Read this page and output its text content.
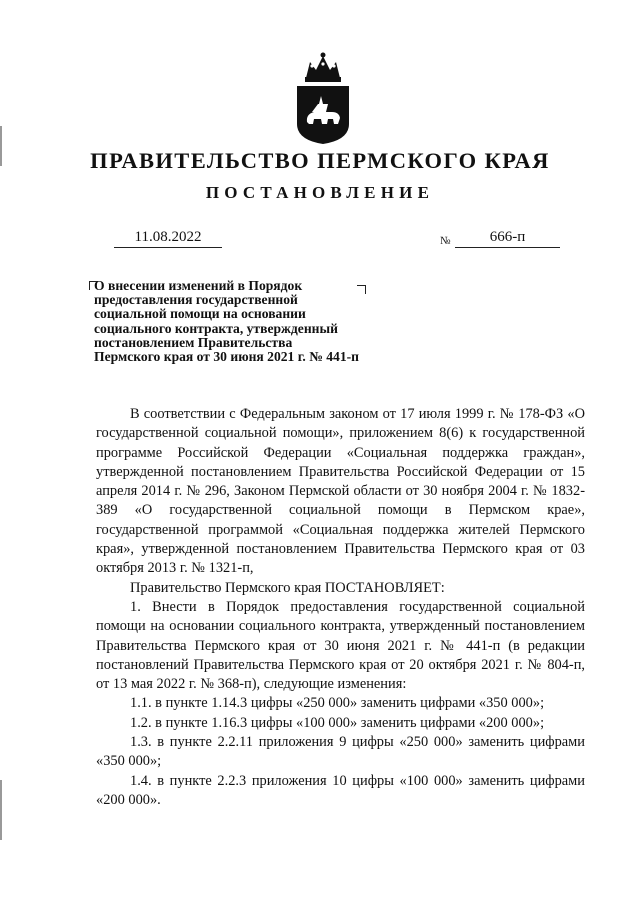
ПРАВИТЕЛЬСТВО ПЕРМСКОГО КРАЯ
ПОСТАНОВЛЕНИЕ
11.08.2022	№	666-п
О внесении изменений в Порядок
предоставления государственной
социальной помощи на основании
социального контракта, утвержденный
постановлением Правительства
Пермского края от 30 июня 2021 г. № 441-п

В соответствии с Федеральным законом от 17 июля 1999 г. № 178-ФЗ «О государственной социальной помощи», приложением 8(6) к государственной программе Российской Федерации «Социальная поддержка граждан», утвержденной постановлением Правительства Российской Федерации от 15 апреля 2014 г. № 296, Законом Пермской области от 30 ноября 2004 г. № 1832-389 «О государственной социальной помощи в Пермском крае», государственной программой «Социальная поддержка жителей Пермского края», утвержденной постановлением Правительства Пермского края от 03 октября 2013 г. № 1321-п,

Правительство Пермского края ПОСТАНОВЛЯЕТ:

1. Внести в Порядок предоставления государственной социальной помощи на основании социального контракта, утвержденный постановлением Правительства Пермского края от 30 июня 2021 г. № 441-п (в редакции постановлений Правительства Пермского края от 20 октября 2021 г. № 804-п, от 13 мая 2022 г. № 368-п), следующие изменения:

1.1. в пункте 1.14.3 цифры «250 000» заменить цифрами «350 000»;

1.2. в пункте 1.16.3 цифры «100 000» заменить цифрами «200 000»;

1.3. в пункте 2.2.11 приложения 9 цифры «250 000» заменить цифрами «350 000»;

1.4. в пункте 2.2.3 приложения 10 цифры «100 000» заменить цифрами «200 000».
